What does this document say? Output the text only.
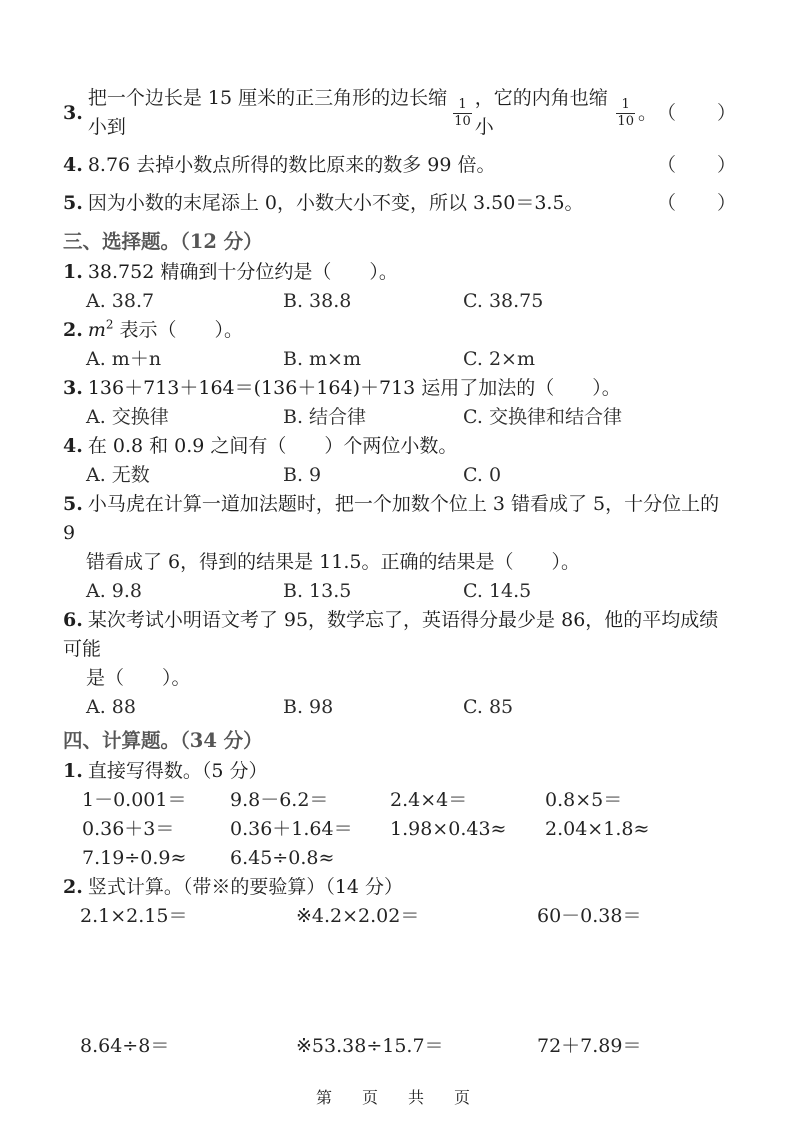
3.
把一个边长是 15 厘米的正三角形的边长缩小到	$\frac{1}{10}$ ，它的内角也缩小	$\frac{1}{10}$ 。 （　　）
4. 8.76 去掉小数点所得的数比原来的数多 99 倍。	（　　）
5. 因为小数的末尾添上 0，小数大小不变，所以 3.5̇0̇＝3.5̇。	（　　）
三、选择题。（12 分）
1. 38.752 精确到十分位约是（　　）。
A. 38.7	B. 38.8	C. 38.75
2. $m^2$ 表示（　　）。
A. m＋n	B. m×m	C. 2×m
3. 136＋713＋164＝(136＋164)＋713 运用了加法的（　　）。
A. 交换律	B. 结合律	C. 交换律和结合律
4. 在 0.8 和 0.9 之间有（　　）个两位小数。
A. 无数	B. 9	C. 0
5. 小马虎在计算一道加法题时，把一个加数个位上 3 错看成了 5，十分位上的 9
错看成了 6，得到的结果是 11.5。正确的结果是（　　）。
A. 9.8	B. 13.5	C. 14.5
6. 某次考试小明语文考了 95，数学忘了，英语得分最少是 86，他的平均成绩可能
是（　　）。
A. 88	B. 98	C. 85
四、计算题。（34 分）
1. 直接写得数。（5 分）
1－0.001＝	9.8－6.2＝	2.4×4＝	0.8×5＝
0.36＋3＝	0.36＋1.64＝	1.98×0.43≈	2.04×1.8≈
7.19÷0.9≈	6.45÷0.8≈
2. 竖式计算。（带※的要验算）（14 分）
2.1×2.15＝	※4.2×2.02＝	60－0.38＝
8.64÷8＝	※53.38÷15.7＝	72＋7.89＝
第　页　共　页
